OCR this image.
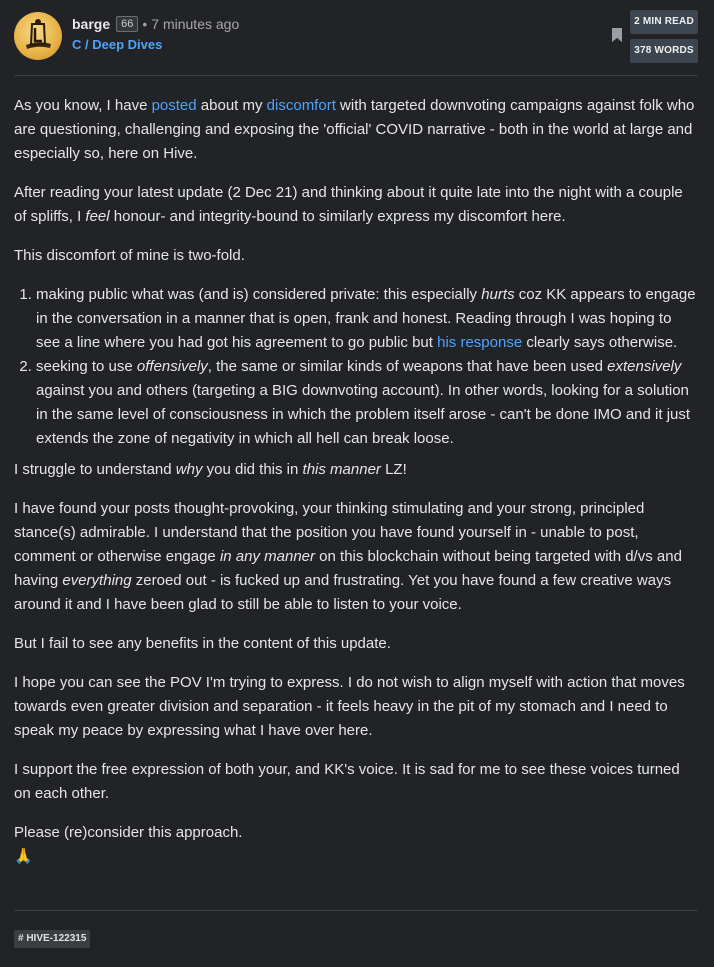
barge	66 • 7 minutes ago
C / Deep Dives
2 MIN READ
378 WORDS

As you know, I have posted about my discomfort with targeted downvoting campaigns against folk who are questioning, challenging and exposing the 'official' COVID narrative - both in the world at large and especially so, here on Hive.

After reading your latest update (2 Dec 21) and thinking about it quite late into the night with a couple of spliffs, I feel honour- and integrity-bound to similarly express my discomfort here.

This discomfort of mine is two-fold.

1. making public what was (and is) considered private: this especially hurts coz KK appears to engage in the conversation in a manner that is open, frank and honest. Reading through I was hoping to see a line where you had got his agreement to go public but his response clearly says otherwise.
2. seeking to use offensively, the same or similar kinds of weapons that have been used extensively against you and others (targeting a BIG downvoting account). In other words, looking for a solution in the same level of consciousness in which the problem itself arose - can't be done IMO and it just extends the zone of negativity in which all hell can break loose.

I struggle to understand why you did this in this manner LZ!

I have found your posts thought-provoking, your thinking stimulating and your strong, principled stance(s) admirable. I understand that the position you have found yourself in - unable to post, comment or otherwise engage in any manner on this blockchain without being targeted with d/vs and having everything zeroed out - is fucked up and frustrating. Yet you have found a few creative ways around it and I have been glad to still be able to listen to your voice.

But I fail to see any benefits in the content of this update.

I hope you can see the POV I'm trying to express. I do not wish to align myself with action that moves towards even greater division and separation - it feels heavy in the pit of my stomach and I need to speak my peace by expressing what I have over here.

I support the free expression of both your, and KK's voice. It is sad for me to see these voices turned on each other.

Please (re)consider this approach.
🙏

# HIVE-122315
